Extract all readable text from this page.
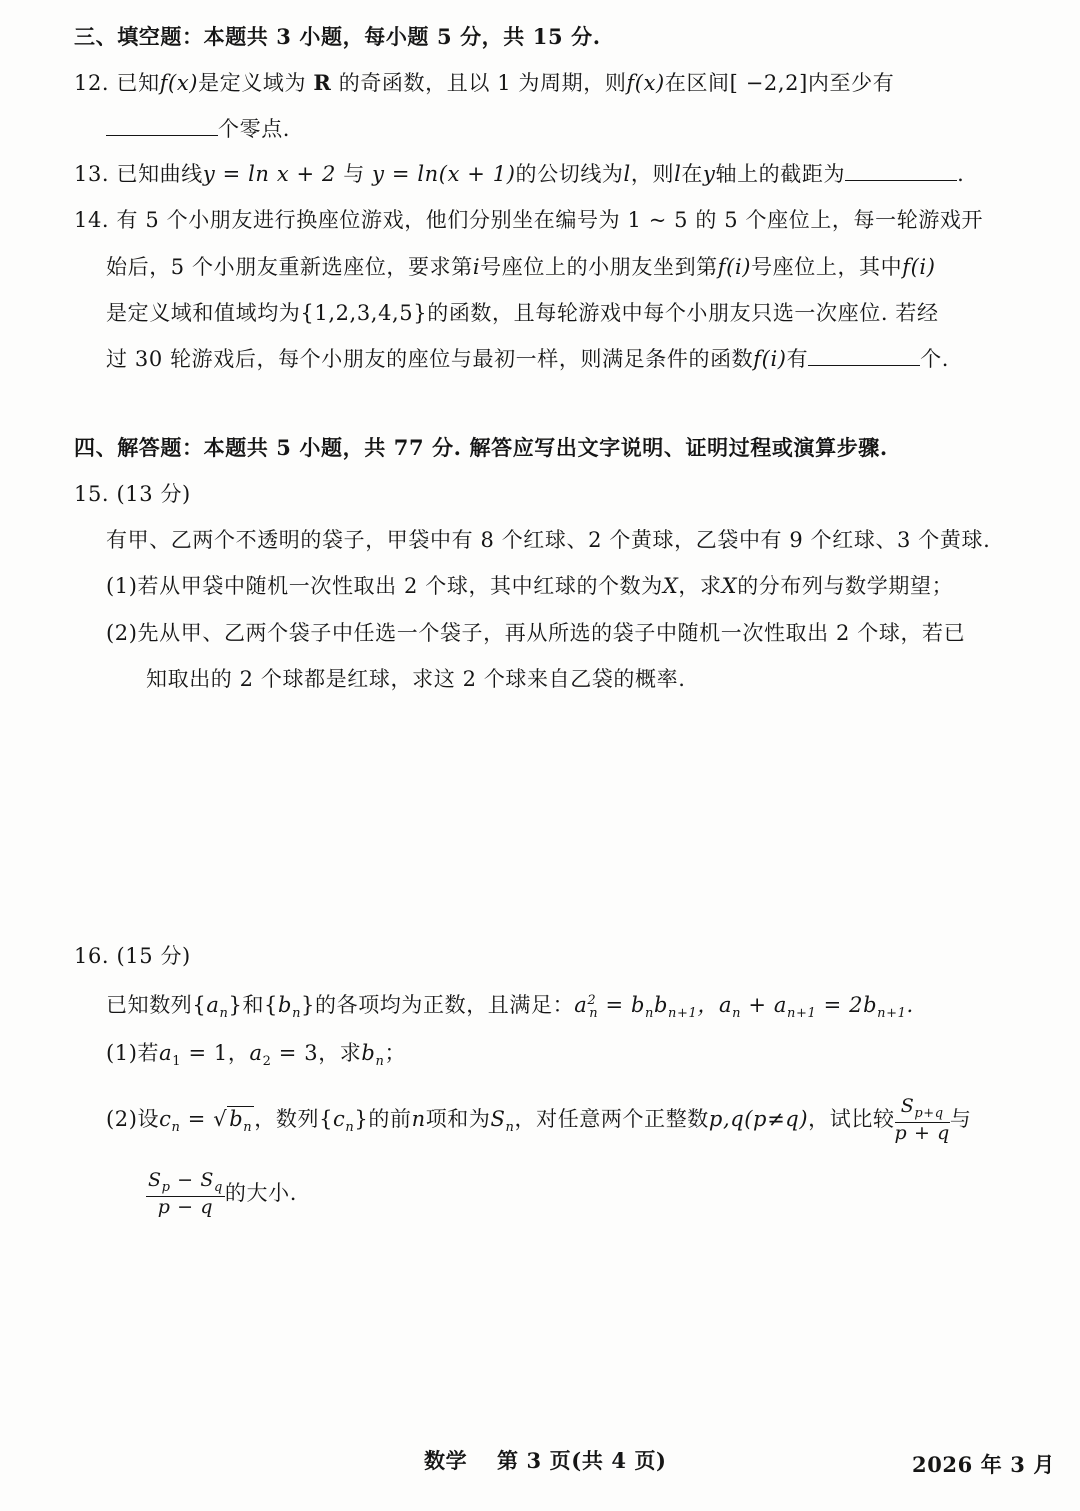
三、填空题：本题共 3 小题，每小题 5 分，共 15 分.
12. 已知f(x)是定义域为 R 的奇函数，且以 1 为周期，则f(x)在区间[ −2,2]内至少有
个零点.
13. 已知曲线y = ln x + 2 与 y = ln(x + 1)的公切线为l，则l在y轴上的截距为	.
14. 有 5 个小朋友进行换座位游戏，他们分别坐在编号为 1 ~ 5 的 5 个座位上，每一轮游戏开
始后，5 个小朋友重新选座位，要求第i号座位上的小朋友坐到第f(i)号座位上，其中f(i)
是定义域和值域均为{1,2,3,4,5}的函数，且每轮游戏中每个小朋友只选一次座位. 若经
过 30 轮游戏后，每个小朋友的座位与最初一样，则满足条件的函数f(i)有	个.
四、解答题：本题共 5 小题，共 77 分. 解答应写出文字说明、证明过程或演算步骤.
15. (13 分)
有甲、乙两个不透明的袋子，甲袋中有 8 个红球、2 个黄球，乙袋中有 9 个红球、3 个黄球.
(1)若从甲袋中随机一次性取出 2 个球，其中红球的个数为X，求X的分布列与数学期望；
(2)先从甲、乙两个袋子中任选一个袋子，再从所选的袋子中随机一次性取出 2 个球，若已
知取出的 2 个球都是红球，求这 2 个球来自乙袋的概率.
16. (15 分)
已知数列$\{a_n\}$和$\{b_n\}$的各项均为正数，且满足：$a^2_n = b_nb_{n+1}$，$a_n + a_{n+1} = 2b_{n+1}$.
(1)若$a_1 = 1$，$a_2 = 3$，求$b_n$；
(2)设$c_n = √b_n$，数列$\{c_n\}$的前n项和为$S_n$，对任意两个正整数p,q(p≠q)，试比较 $\frac{S_{p+q}}{p + q}$ 与
$\frac{S_p - S_q}{p - q}$ 的大小.
数学 第 3 页(共 4 页)	2026 年 3 月
